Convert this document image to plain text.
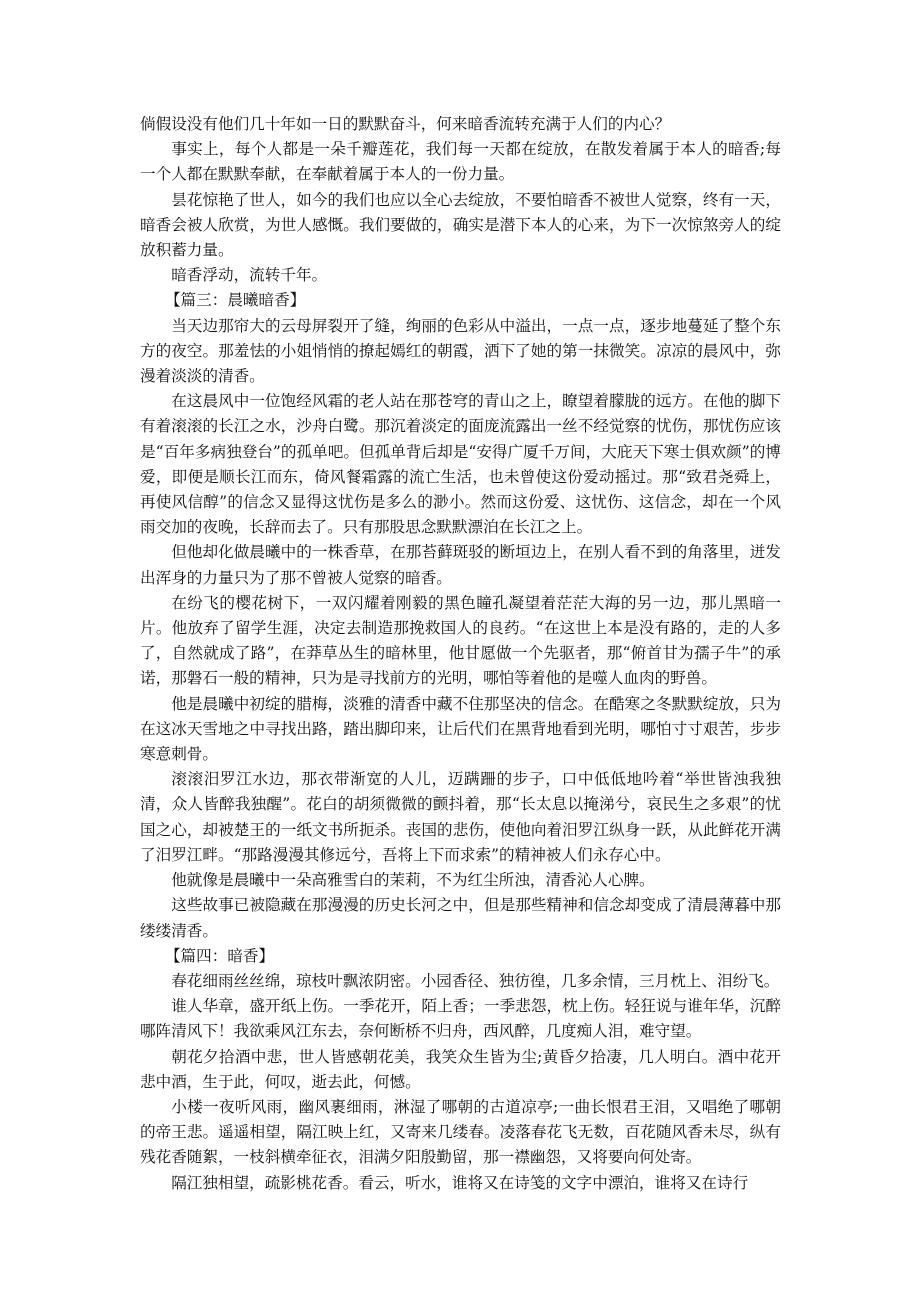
倘假设没有他们几十年如一日的默默奋斗，何来暗香流转充满于人们的内心？

事实上，每个人都是一朵千瓣莲花，我们每一天都在绽放，在散发着属于本人的暗香;每一个人都在默默奉献，在奉献着属于本人的一份力量。

昙花惊艳了世人，如今的我们也应以全心去绽放，不要怕暗香不被世人觉察，终有一天，暗香会被人欣赏，为世人感慨。我们要做的，确实是潜下本人的心来，为下一次惊煞旁人的绽放积蓄力量。

暗香浮动，流转千年。

【篇三：晨曦暗香】

当天边那帘大的云母屏裂开了缝，绚丽的色彩从中溢出，一点一点，逐步地蔓延了整个东方的夜空。那羞怯的小姐悄悄的撩起嫣红的朝霞，洒下了她的第一抹微笑。凉凉的晨风中，弥漫着淡淡的清香。

在这晨风中一位饱经风霜的老人站在那苍穹的青山之上，瞭望着朦胧的远方。在他的脚下有着滚滚的长江之水，沙舟白鹭。那沉着淡定的面庞流露出一丝不经觉察的忧伤，那忧伤应该是“百年多病独登台”的孤单吧。但孤单背后却是“安得广厦千万间，大庇天下寒士俱欢颜”的博爱，即便是顺长江而东，倚风餐霜露的流亡生活，也未曾使这份爱动摇过。那“致君尧舜上，再使风信醇”的信念又显得这忧伤是多么的渺小。然而这份爱、这忧伤、这信念，却在一个风雨交加的夜晚，长辞而去了。只有那股思念默默漂泊在长江之上。

但他却化做晨曦中的一株香草，在那苔藓斑驳的断垣边上，在别人看不到的角落里，迸发出浑身的力量只为了那不曾被人觉察的暗香。

在纷飞的樱花树下，一双闪耀着刚毅的黑色瞳孔凝望着茫茫大海的另一边，那儿黑暗一片。他放弃了留学生涯，决定去制造那挽救国人的良药。“在这世上本是没有路的，走的人多了，自然就成了路”，在莽草丛生的暗林里，他甘愿做一个先驱者，那“俯首甘为孺子牛”的承诺，那磐石一般的精神，只为是寻找前方的光明，哪怕等着他的是噬人血肉的野兽。

他是晨曦中初绽的腊梅，淡雅的清香中藏不住那坚决的信念。在酷寒之冬默默绽放，只为在这冰天雪地之中寻找出路，踏出脚印来，让后代们在黑背地看到光明，哪怕寸寸艰苦，步步寒意刺骨。

滚滚汨罗江水边，那衣带渐宽的人儿，迈蹒跚的步子，口中低低地吟着“举世皆浊我独清，众人皆醉我独醒”。花白的胡须微微的颤抖着，那“长太息以掩涕兮，哀民生之多艰”的忧国之心，却被楚王的一纸文书所扼杀。丧国的悲伤，使他向着汨罗江纵身一跃，从此鲜花开满了汨罗江畔。“那路漫漫其修远兮，吾将上下而求索”的精神被人们永存心中。

他就像是晨曦中一朵高雅雪白的茉莉，不为红尘所浊，清香沁人心脾。

这些故事已被隐藏在那漫漫的历史长河之中，但是那些精神和信念却变成了清晨薄暮中那缕缕清香。

【篇四：暗香】

春花细雨丝丝绵，琼枝叶飘浓阴密。小园香径、独彷徨，几多余情，三月枕上、泪纷飞。

谁人华章，盛开纸上伤。一季花开，陌上香；一季悲怨，枕上伤。轻狂说与谁年华，沉醉哪阵清风下！我欲乘风江东去，奈何断桥不归舟，西风醉，几度痴人泪，难守望。

朝花夕拾酒中悲，世人皆感朝花美，我笑众生皆为尘;黄昏夕拾凄，几人明白。酒中花开悲中酒，生于此，何叹，逝去此，何憾。

小楼一夜听风雨，幽风裹细雨，淋湿了哪朝的古道凉亭;一曲长恨君王泪，又唱绝了哪朝的帝王悲。遥遥相望，隔江映上红，又寄来几缕春。凌落春花飞无数，百花随风香未尽，纵有残花香随絮，一枝斜横牵征衣，泪满夕阳殷勤留，那一襟幽怨，又将要向何处寄。

隔江独相望，疏影桃花香。看云，听水，谁将又在诗笺的文字中漂泊，谁将又在诗行
